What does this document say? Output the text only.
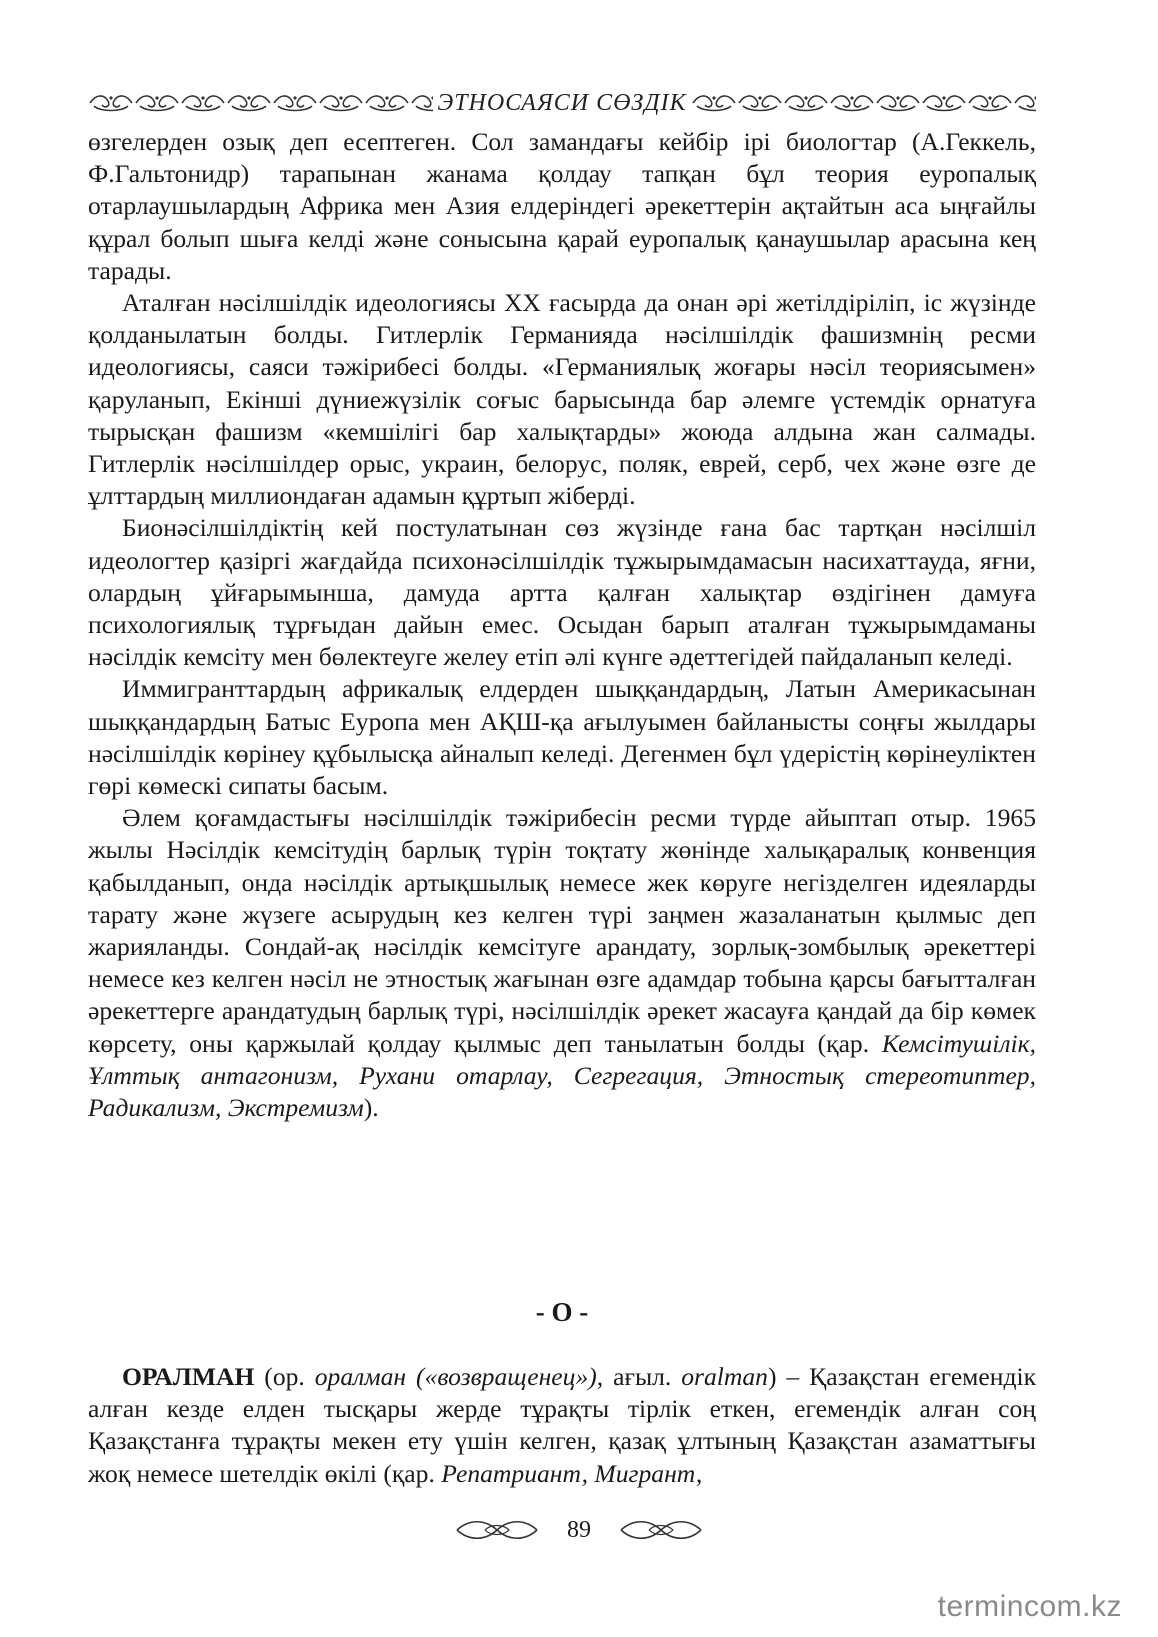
ЭТНОСАЯСИ СӨЗДІК

өзгелерден озық деп есептеген. Сол замандағы кейбір ірі биологтар (А.Геккель, Ф.Гальтонидр) тарапынан жанама қолдау тапқан бұл теория еуропалық отарлаушылардың Африка мен Азия елдеріндегі әрекеттерін ақтайтын аса ыңғайлы құрал болып шыға келді және сонысына қарай еуропалық қанаушылар арасына кең тарады.

Аталған нәсілшілдік идеологиясы XX ғасырда да онан әрі жетілдіріліп, іс жүзінде қолданылатын болды. Гитлерлік Германияда нәсілшілдік фашизмнің ресми идеологиясы, саяси тәжірибесі болды. «Германиялық жоғары нәсіл теориясымен» қаруланып, Екінші дүниежүзілік соғыс барысында бар әлемге үстемдік орнатуға тырысқан фашизм «кемшілігі бар халықтарды» жоюда алдына жан салмады. Гитлерлік нәсілшілдер орыс, украин, белорус, поляк, еврей, серб, чех және өзге де ұлттардың миллиондаған адамын құртып жіберді.

Бионәсілшілдіктің кей постулатынан сөз жүзінде ғана бас тартқан нәсілшіл идеологтер қазіргі жағдайда психонәсілшілдік тұжырымдамасын насихаттауда, яғни, олардың ұйғарымынша, дамуда артта қалған халықтар өздігінен дамуға психологиялық тұрғыдан дайын емес. Осыдан барып аталған тұжырымдаманы нәсілдік кемсіту мен бөлектеуге желеу етіп әлі күнге әдеттегідей пайдаланып келеді.

Иммигранттардың африкалық елдерден шыққандардың, Латын Америкасынан шыққандардың Батыс Еуропа мен АҚШ-қа ағылуымен байланысты соңғы жылдары нәсілшілдік көрінеу құбылысқа айналып келеді. Дегенмен бұл үдерістің көрінеуліктен гөрі көмескі сипаты басым.

Әлем қоғамдастығы нәсілшілдік тәжірибесін ресми түрде айыптап отыр. 1965 жылы Нәсілдік кемсітудің барлық түрін тоқтату жөнінде халықаралық конвенция қабылданып, онда нәсілдік артықшылық немесе жек көруге негізделген идеяларды тарату және жүзеге асырудың кез келген түрі заңмен жазаланатын қылмыс деп жарияланды. Сондай-ақ нәсілдік кемсітуге арандату, зорлық-зомбылық әрекеттері немесе кез келген нәсіл не этностық жағынан өзге адамдар тобына қарсы бағытталған әрекеттерге арандатудың барлық түрі, нәсілшілдік әрекет жасауға қандай да бір көмек көрсету, оны қаржылай қолдау қылмыс деп танылатын болды (қар. Кемсітушілік, Ұлттық антагонизм, Рухани отарлау, Сегрегация, Этностық стереотиптер, Радикализм, Экстремизм).

- О -

ОРАЛМАН (ор. оралман («возвращенец»), ағыл. oralman) – Қазақстан егемендік алған кезде елден тысқары жерде тұрақты тірлік еткен, егемендік алған соң Қазақстанға тұрақты мекен ету үшін келген, қазақ ұлтының Қазақстан азаматтығы жоқ немесе шетелдік өкілі (қар. Репатриант, Мигрант,

89
termincom.kz
